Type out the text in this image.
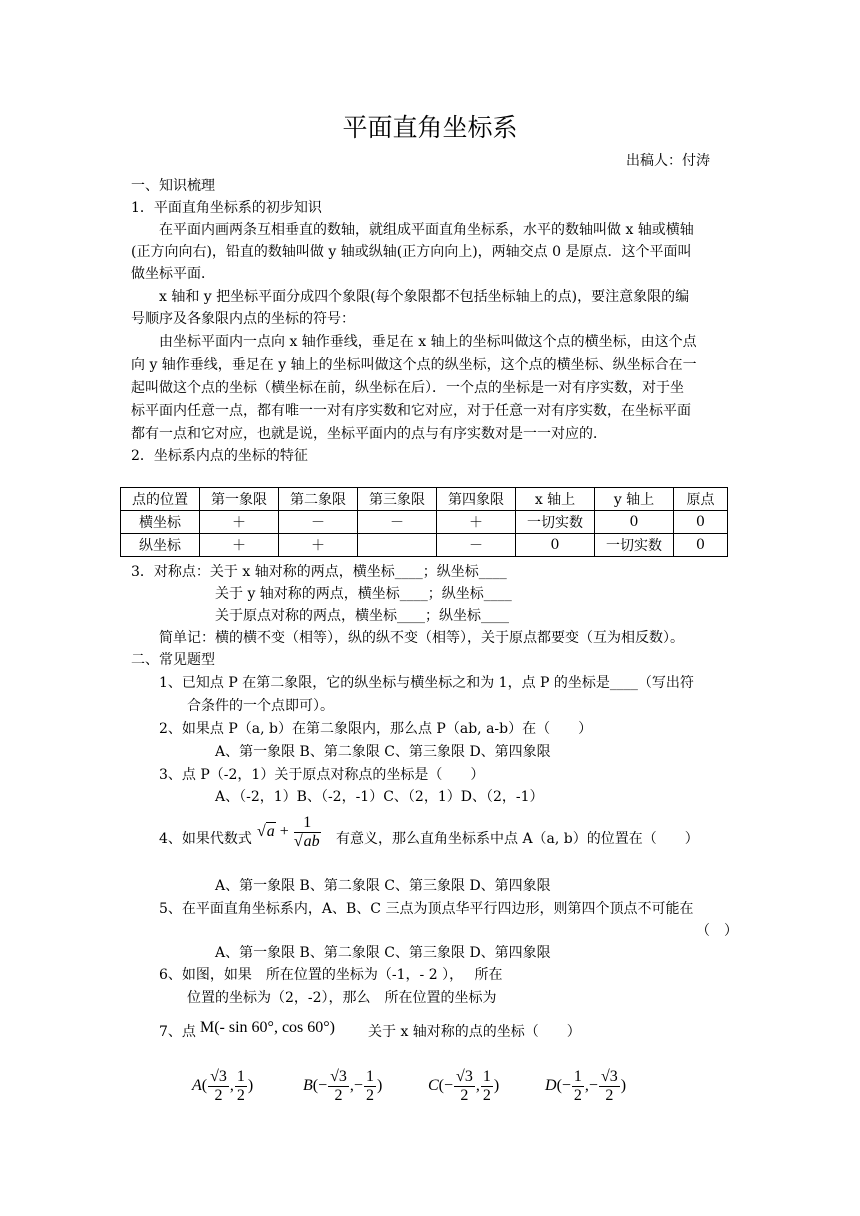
平面直角坐标系
出稿人：付涛
一、知识梳理
1．平面直角坐标系的初步知识
在平面内画两条互相垂直的数轴，就组成平面直角坐标系，水平的数轴叫做 x 轴或横轴
(正方向向右)，铅直的数轴叫做 y 轴或纵轴(正方向向上)，两轴交点 0 是原点．这个平面叫
做坐标平面．
x 轴和 y 把坐标平面分成四个象限(每个象限都不包括坐标轴上的点)，要注意象限的编
号顺序及各象限内点的坐标的符号：
由坐标平面内一点向 x 轴作垂线，垂足在 x 轴上的坐标叫做这个点的横坐标，由这个点
向 y 轴作垂线，垂足在 y 轴上的坐标叫做这个点的纵坐标，这个点的横坐标、纵坐标合在一
起叫做这个点的坐标（横坐标在前，纵坐标在后）．一个点的坐标是一对有序实数，对于坐
标平面内任意一点，都有唯一一对有序实数和它对应，对于任意一对有序实数，在坐标平面
都有一点和它对应，也就是说，坐标平面内的点与有序实数对是一一对应的．
2．坐标系内点的坐标的特征
点的位置	第一象限	第二象限	第三象限	第四象限	x 轴上	y 轴上	原点
横坐标	＋	－	－	＋	一切实数	0	0
纵坐标	＋	＋		－	0	一切实数	0
3．对称点：关于 x 轴对称的两点，横坐标____；纵坐标____
关于 y 轴对称的两点，横坐标____；纵坐标____
关于原点对称的两点，横坐标____；纵坐标____
简单记：横的横不变（相等），纵的纵不变（相等），关于原点都要变（互为相反数）。
二、常见题型
1、已知点 P 在第二象限，它的纵坐标与横坐标之和为 1，点 P 的坐标是____（写出符
合条件的一个点即可）。
2、如果点 P（a, b）在第二象限内，那么点 P（ab, a-b）在（　　）
A、第一象限 B、第二象限 C、第三象限 D、第四象限
3、点 P（-2，1）关于原点对称点的坐标是（　　）
A、（-2，1）B、（-2，-1）C、（2，1）D、（2，-1）
4、如果代数式 $√a + \frac{1}{√ab}$ 有意义，那么直角坐标系中点 A（a, b）的位置在（　　）
A、第一象限 B、第二象限 C、第三象限 D、第四象限
5、在平面直角坐标系内，A、B、C 三点为顶点华平行四边形，则第四个顶点不可能在
（　）
A、第一象限 B、第二象限 C、第三象限 D、第四象限
6、如图，如果　所在位置的坐标为（-1，- 2 ），　 所在
位置的坐标为（2，-2），那么　所在位置的坐标为
7、点 M(- sin 60°, cos 60°) 关于 x 轴对称的点的坐标（　　）
$A( \frac{√3}{2}$ , $\frac{1}{2}$ )	$B(- \frac{√3}{2}$ ,− $\frac{1}{2}$ )	$C(- \frac{√3}{2}$ , $\frac{1}{2}$ )	$D(- \frac{1}{2}$ ,− $\frac{√3}{2}$ )
